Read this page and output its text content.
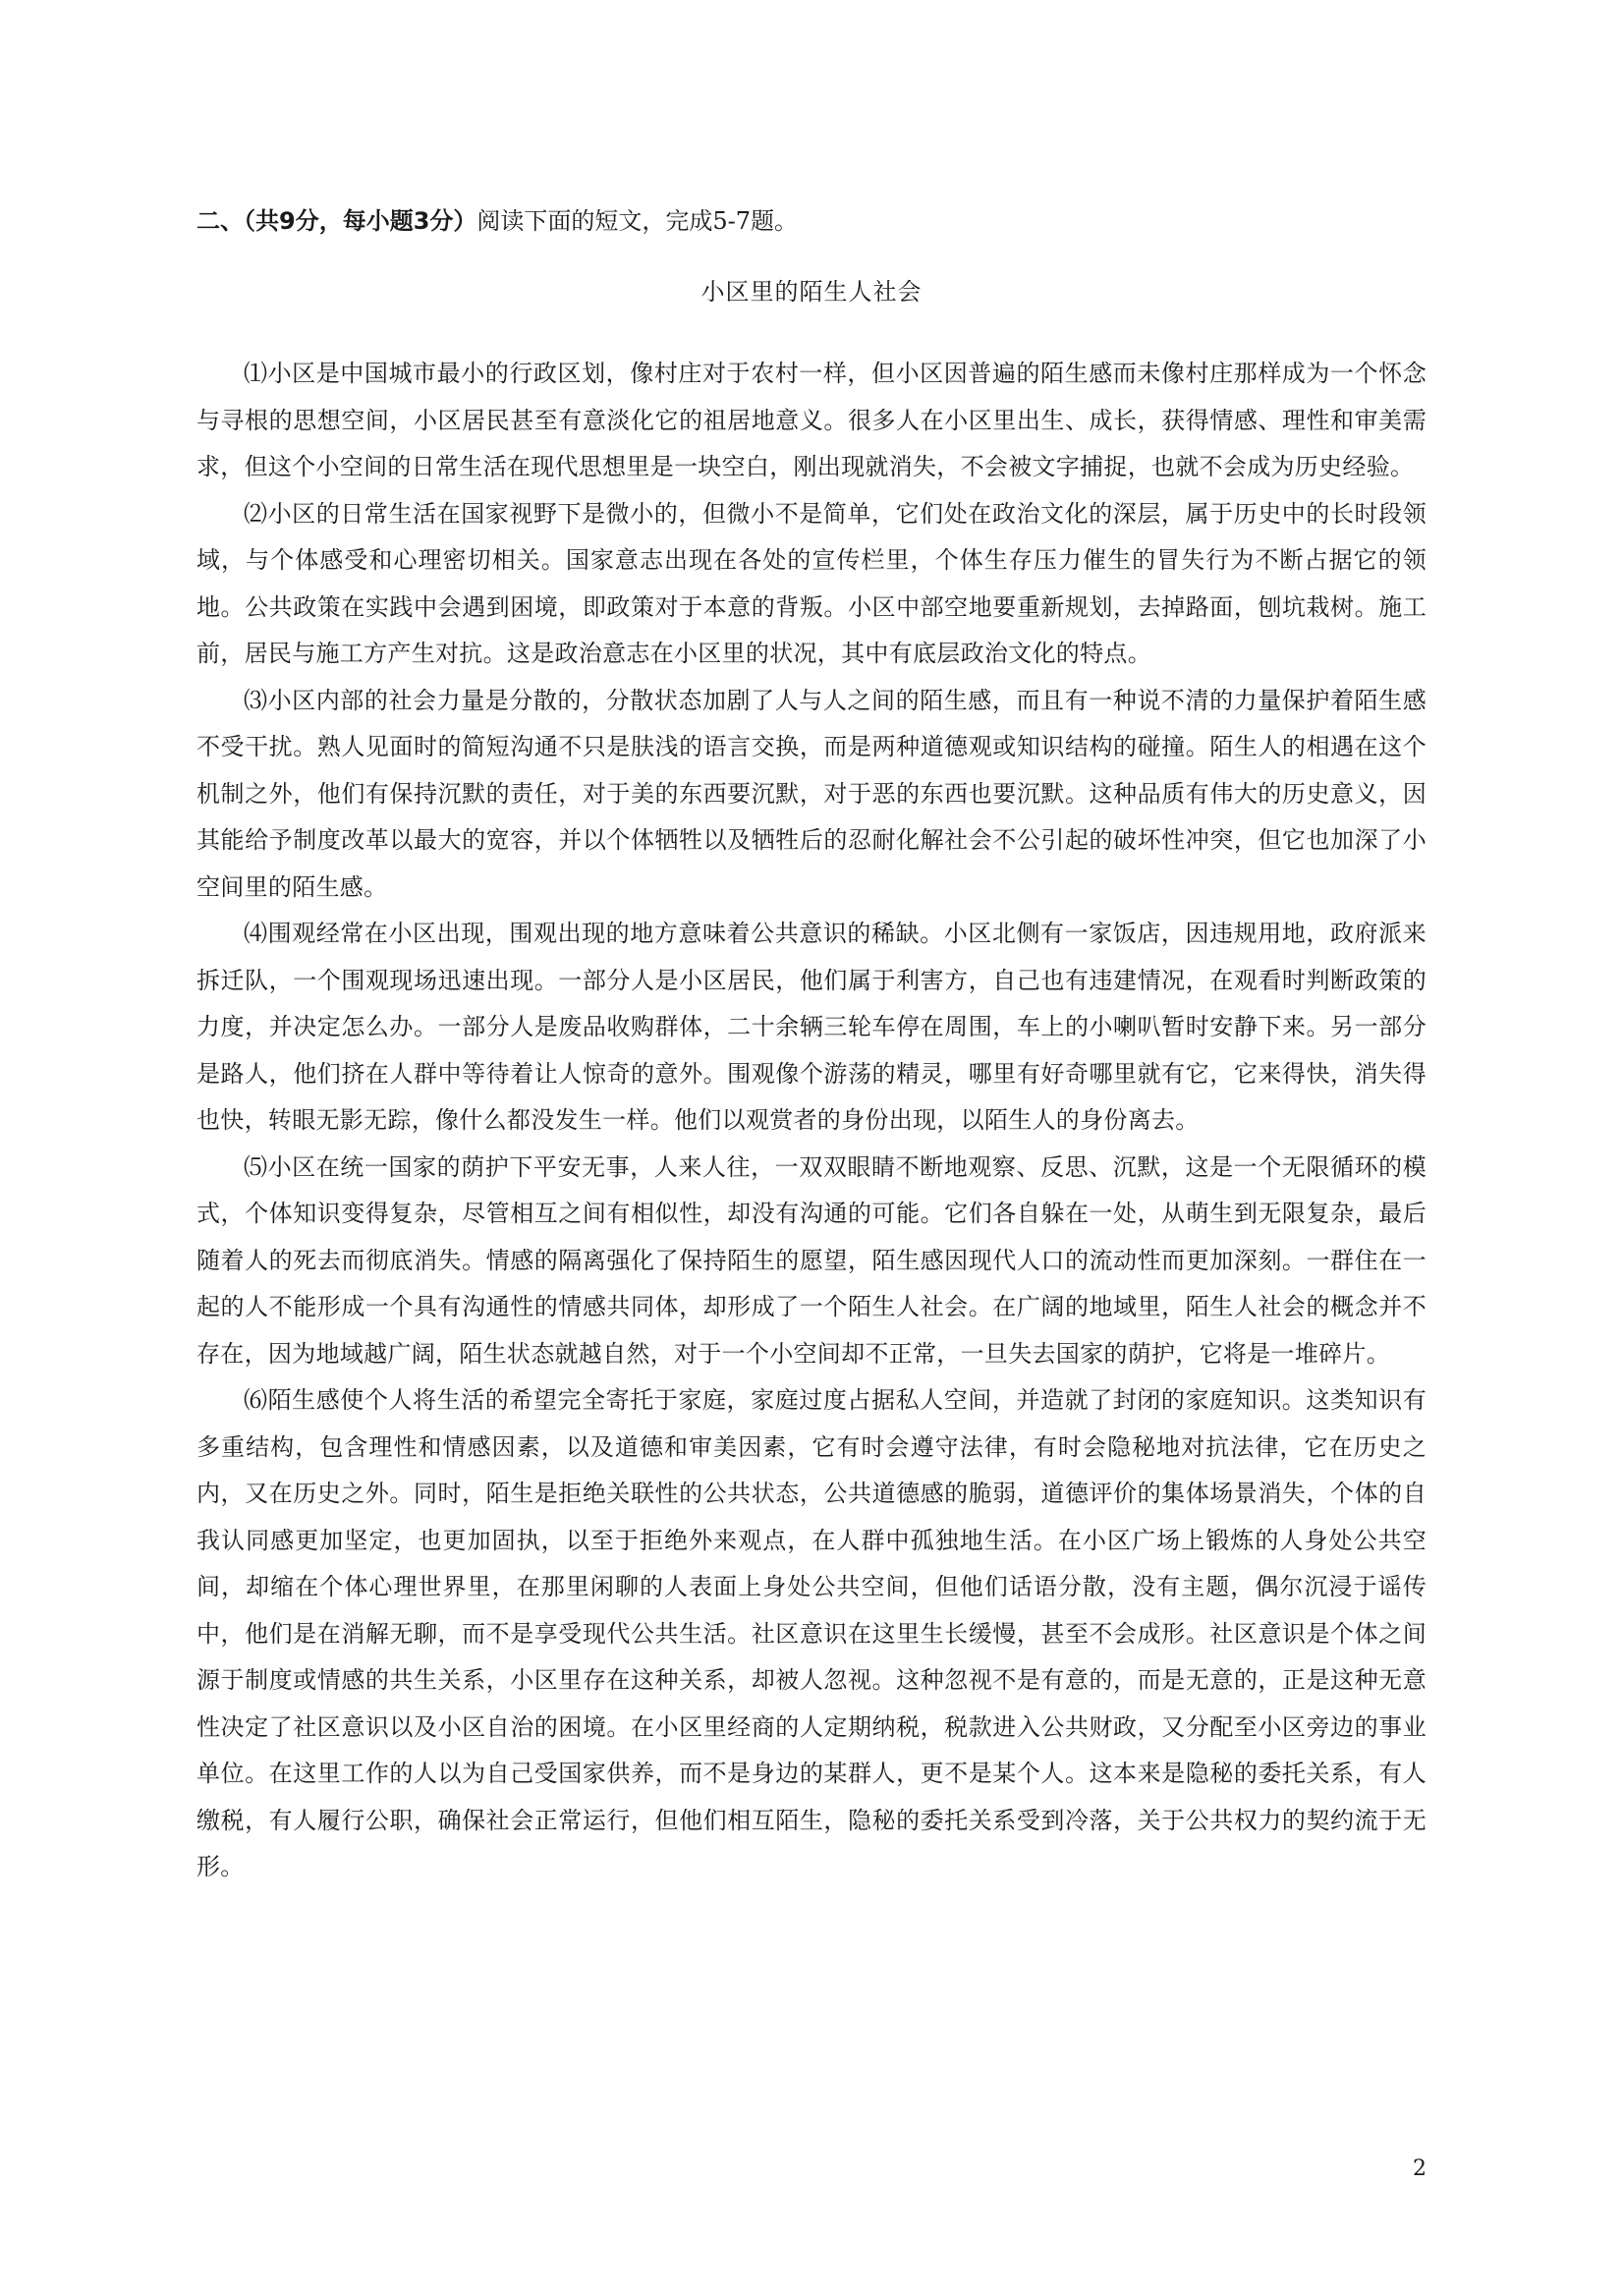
二、（共9分，每小题3分）阅读下面的短文，完成5-7题。
小区里的陌生人社会

⑴小区是中国城市最小的行政区划，像村庄对于农村一样，但小区因普遍的陌生感而未像村庄那样成为一个怀念与寻根的思想空间，小区居民甚至有意淡化它的祖居地意义。很多人在小区里出生、成长，获得情感、理性和审美需求，但这个小空间的日常生活在现代思想里是一块空白，刚出现就消失，不会被文字捕捉，也就不会成为历史经验。

⑵小区的日常生活在国家视野下是微小的，但微小不是简单，它们处在政治文化的深层，属于历史中的长时段领域，与个体感受和心理密切相关。国家意志出现在各处的宣传栏里，个体生存压力催生的冒失行为不断占据它的领地。公共政策在实践中会遇到困境，即政策对于本意的背叛。小区中部空地要重新规划，去掉路面，刨坑栽树。施工前，居民与施工方产生对抗。这是政治意志在小区里的状况，其中有底层政治文化的特点。

⑶小区内部的社会力量是分散的，分散状态加剧了人与人之间的陌生感，而且有一种说不清的力量保护着陌生感不受干扰。熟人见面时的简短沟通不只是肤浅的语言交换，而是两种道德观或知识结构的碰撞。陌生人的相遇在这个机制之外，他们有保持沉默的责任，对于美的东西要沉默，对于恶的东西也要沉默。这种品质有伟大的历史意义，因其能给予制度改革以最大的宽容，并以个体牺牲以及牺牲后的忍耐化解社会不公引起的破坏性冲突，但它也加深了小空间里的陌生感。

⑷围观经常在小区出现，围观出现的地方意味着公共意识的稀缺。小区北侧有一家饭店，因违规用地，政府派来拆迁队，一个围观现场迅速出现。一部分人是小区居民，他们属于利害方，自己也有违建情况，在观看时判断政策的力度，并决定怎么办。一部分人是废品收购群体，二十余辆三轮车停在周围，车上的小喇叭暂时安静下来。另一部分是路人，他们挤在人群中等待着让人惊奇的意外。围观像个游荡的精灵，哪里有好奇哪里就有它，它来得快，消失得也快，转眼无影无踪，像什么都没发生一样。他们以观赏者的身份出现，以陌生人的身份离去。

⑸小区在统一国家的荫护下平安无事，人来人往，一双双眼睛不断地观察、反思、沉默，这是一个无限循环的模式，个体知识变得复杂，尽管相互之间有相似性，却没有沟通的可能。它们各自躲在一处，从萌生到无限复杂，最后随着人的死去而彻底消失。情感的隔离强化了保持陌生的愿望，陌生感因现代人口的流动性而更加深刻。一群住在一起的人不能形成一个具有沟通性的情感共同体，却形成了一个陌生人社会。在广阔的地域里，陌生人社会的概念并不存在，因为地域越广阔，陌生状态就越自然，对于一个小空间却不正常，一旦失去国家的荫护，它将是一堆碎片。

⑹陌生感使个人将生活的希望完全寄托于家庭，家庭过度占据私人空间，并造就了封闭的家庭知识。这类知识有多重结构，包含理性和情感因素，以及道德和审美因素，它有时会遵守法律，有时会隐秘地对抗法律，它在历史之内，又在历史之外。同时，陌生是拒绝关联性的公共状态，公共道德感的脆弱，道德评价的集体场景消失，个体的自我认同感更加坚定，也更加固执，以至于拒绝外来观点，在人群中孤独地生活。在小区广场上锻炼的人身处公共空间，却缩在个体心理世界里，在那里闲聊的人表面上身处公共空间，但他们话语分散，没有主题，偶尔沉浸于谣传中，他们是在消解无聊，而不是享受现代公共生活。社区意识在这里生长缓慢，甚至不会成形。社区意识是个体之间源于制度或情感的共生关系，小区里存在这种关系，却被人忽视。这种忽视不是有意的，而是无意的，正是这种无意性决定了社区意识以及小区自治的困境。在小区里经商的人定期纳税，税款进入公共财政，又分配至小区旁边的事业单位。在这里工作的人以为自己受国家供养，而不是身边的某群人，更不是某个人。这本来是隐秘的委托关系，有人缴税，有人履行公职，确保社会正常运行，但他们相互陌生，隐秘的委托关系受到冷落，关于公共权力的契约流于无形。

2
